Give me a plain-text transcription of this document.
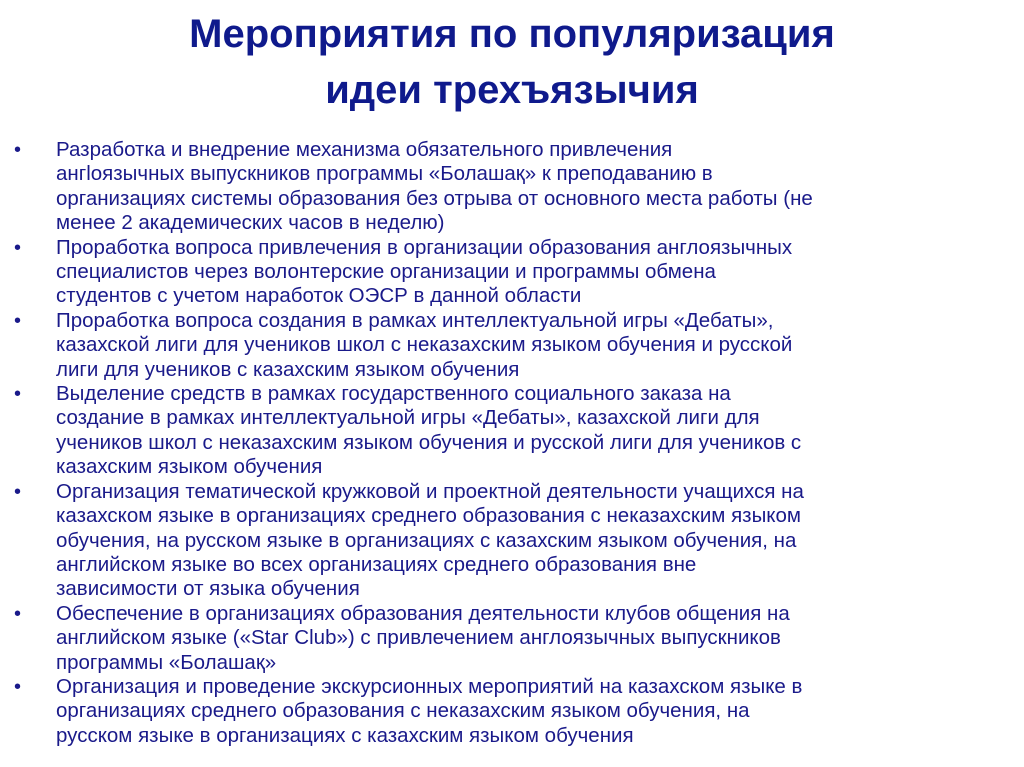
Мероприятия по популяризация
идеи трехъязычия
• Разработка и внедрение механизма обязательного привлечения
ангloязычных выпускников программы «Болашақ» к преподаванию в
организациях системы образования без отрыва от основного места работы (не
менее 2 академических часов в неделю)
• Проработка вопроса привлечения в организации образования англоязычных
специалистов через волонтерские организации и программы обмена
студентов с учетом наработок ОЭСР в данной области
• Проработка вопроса создания в рамках интеллектуальной игры «Дебаты»,
казахской лиги для учеников школ с неказахским языком обучения и русской
лиги для учеников с казахским языком обучения
• Выделение средств в рамках государственного социального заказа на
создание в рамках интеллектуальной игры «Дебаты», казахской лиги для
учеников школ с неказахским языком обучения и русской лиги для учеников с
казахским языком обучения
• Организация тематической кружковой и проектной деятельности учащихся на
казахском языке в организациях среднего образования с неказахским языком
обучения, на русском языке в организациях с казахским языком обучения, на
английском языке во всех организациях среднего образования вне
зависимости от языка обучения
• Обеспечение в организациях образования деятельности клубов общения на
английском языке («Star Club») с привлечением англоязычных выпускников
программы «Болашақ»
• Организация и проведение экскурсионных мероприятий на казахском языке в
организациях среднего образования с неказахским языком обучения, на
русском языке в организациях с казахским языком обучения
